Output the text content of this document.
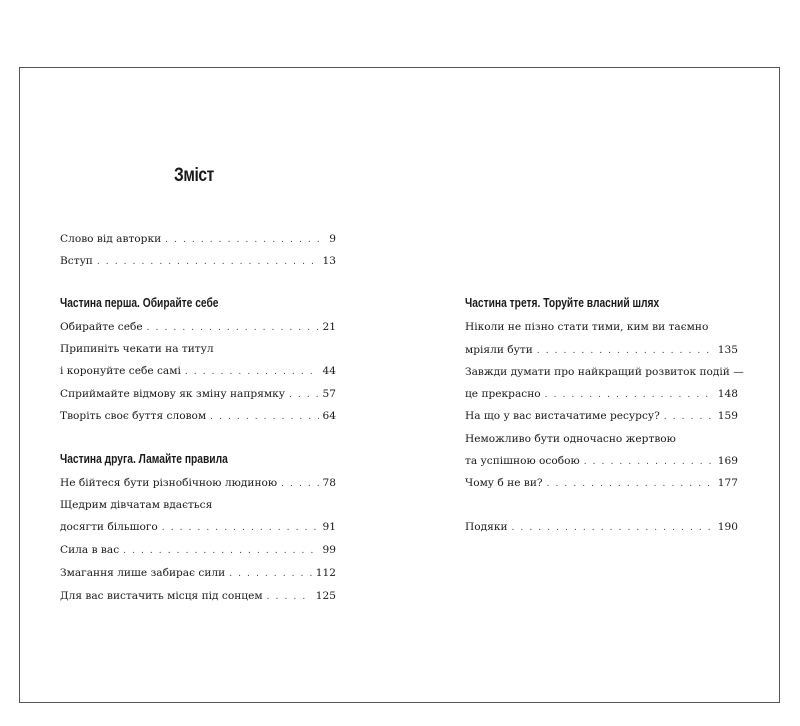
Зміст
Слово від авторки . . .	9
Вступ . . .	13
Частина перша. Обирайте себе
Обирайте себе . . .	21
Припиніть чекати на титул
і коронуйте себе самі . . .	44
Сприймайте відмову як зміну напрямку . . .	57
Творіть своє буття словом . . .	64
Частина друга. Ламайте правила
Не бійтеся бути різнобічною людиною . . .	78
Щедрим дівчатам вдається
досягти більшого . . .	91
Сила в вас . . .	99
Змагання лише забирає сили . . .	112
Для вас вистачить місця під сонцем . . .	125
Частина третя. Торуйте власний шлях
Ніколи не пізно стати тими, ким ви таємно
мріяли бути . . .	135
Завжди думати про найкращий розвиток подій —
це прекрасно . . .	148
На що у вас вистачатиме ресурсу? . . .	159
Неможливо бути одночасно жертвою
та успішною особою . . .	169
Чому б не ви? . . .	177
Подяки . . .	190
